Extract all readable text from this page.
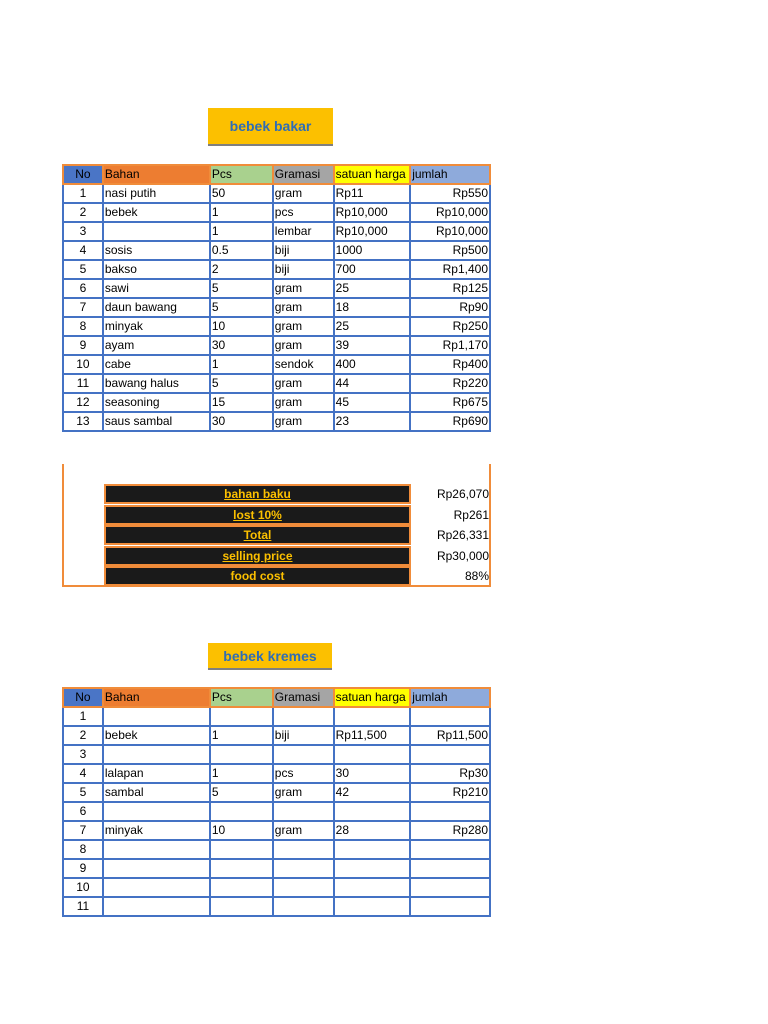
bebek bakar
No	Bahan	Pcs	Gramasi	satuan harga	jumlah
1	nasi putih	50	gram	Rp11	Rp550
2	bebek	1	pcs	Rp10,000	Rp10,000
3		1	lembar	Rp10,000	Rp10,000
4	sosis	0.5	biji	1000	Rp500
5	bakso	2	biji	700	Rp1,400
6	sawi	5	gram	25	Rp125
7	daun bawang	5	gram	18	Rp90
8	minyak	10	gram	25	Rp250
9	ayam	30	gram	39	Rp1,170
10	cabe	1	sendok	400	Rp400
11	bawang halus	5	gram	44	Rp220
12	seasoning	15	gram	45	Rp675
13	saus sambal	30	gram	23	Rp690
bahan baku	Rp26,070
lost 10%	Rp261
Total	Rp26,331
selling price	Rp30,000
food cost	88%
bebek kremes
No	Bahan	Pcs	Gramasi	satuan harga	jumlah
1					
2	bebek	1	biji	Rp11,500	Rp11,500
3					
4	lalapan	1	pcs	30	Rp30
5	sambal	5	gram	42	Rp210
6					
7	minyak	10	gram	28	Rp280
8					
9					
10					
11					
